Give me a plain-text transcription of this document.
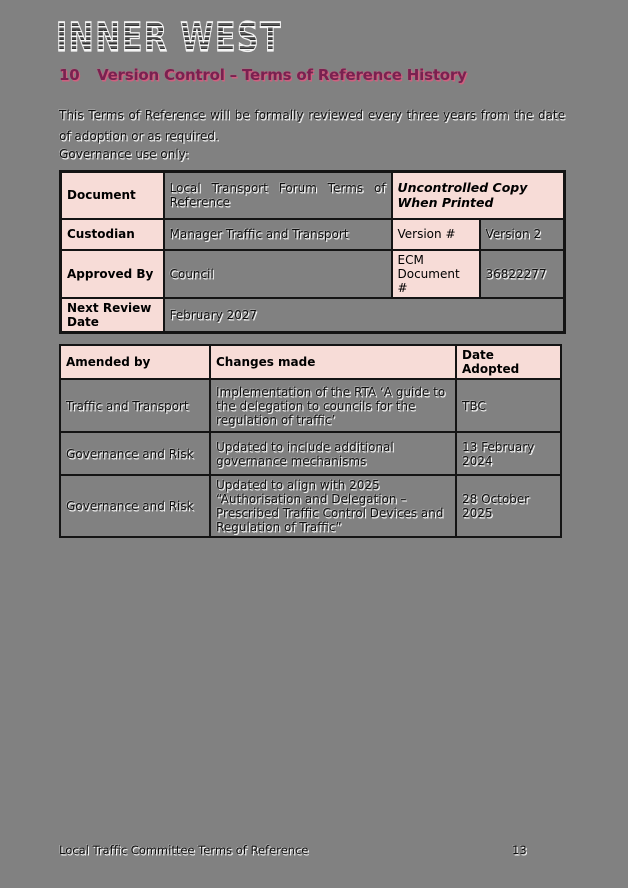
INNER WEST
10 Version Control – Terms of Reference History
This Terms of Reference will be formally reviewed every three years from the date of adoption or as required.
Governance use only:
Document	Local Transport Forum Terms of Reference	Uncontrolled Copy When Printed	
Custodian	Manager Traffic and Transport	Version #	Version 2
Approved By	Council	ECM Document #	36822277
Next Review Date	February 2027		
Amended by	Changes made	Date Adopted
Traffic and Transport	Implementation of the RTA ‘A guide to the delegation to councils for the regulation of traffic’	TBC
Governance and Risk	Updated to include additional governance mechanisms	13 February 2024
Governance and Risk	Updated to align with 2025 “Authorisation and Delegation – Prescribed Traffic Control Devices and Regulation of Traffic”	28 October 2025
Local Traffic Committee Terms of Reference	13
